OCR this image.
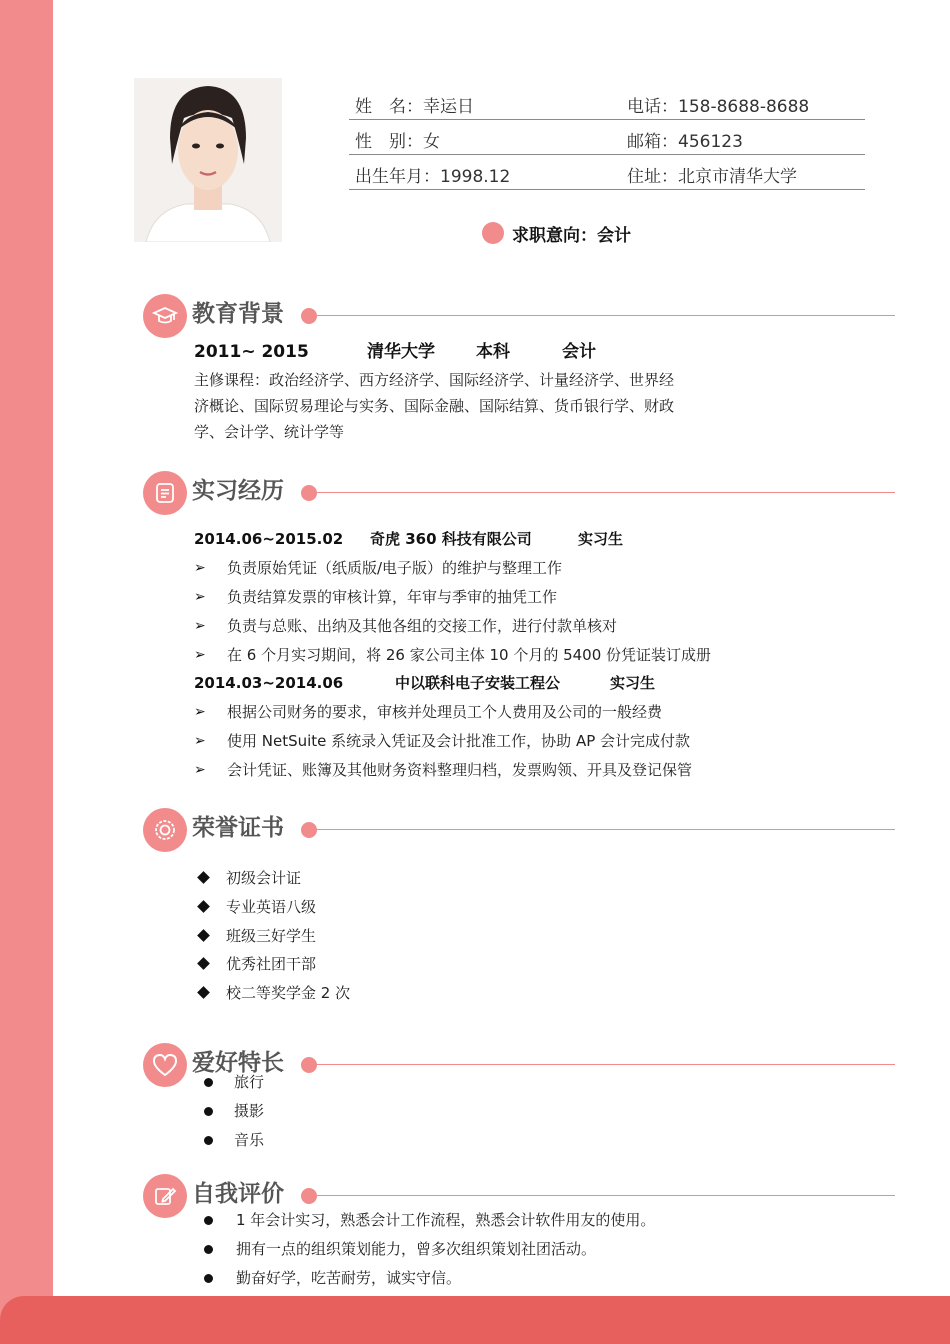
姓　名：幸运日	电话：158-8688-8688
性　别：女	邮箱：456123
出生年月：1998.12	住址：北京市清华大学
求职意向：会计
教育背景
2011~ 2015	清华大学 本科	会计
主修课程：政治经济学、西方经济学、国际经济学、计量经济学、世界经
济概论、国际贸易理论与实务、国际金融、国际结算、货币银行学、财政
学、会计学、统计学等
实习经历
2014.06~2015.02 奇虎 360 科技有限公司	实习生
➢ 负责原始凭证（纸质版/电子版）的维护与整理工作
➢ 负责结算发票的审核计算，年审与季审的抽凭工作
➢ 负责与总账、出纳及其他各组的交接工作，进行付款单核对
➢ 在 6 个月实习期间，将 26 家公司主体 10 个月的 5400 份凭证装订成册
2014.03~2014.06	中以联科电子安装工程公	实习生
➢ 根据公司财务的要求，审核并处理员工个人费用及公司的一般经费
➢ 使用 NetSuite 系统录入凭证及会计批准工作，协助 AP 会计完成付款
➢ 会计凭证、账簿及其他财务资料整理归档，发票购领、开具及登记保管
荣誉证书
初级会计证
专业英语八级
班级三好学生
优秀社团干部
校二等奖学金 2 次
爱好特长
旅行
摄影
音乐
自我评价
1 年会计实习，熟悉会计工作流程，熟悉会计软件用友的使用。
拥有一点的组织策划能力，曾多次组织策划社团活动。
勤奋好学，吃苦耐劳，诚实守信。
